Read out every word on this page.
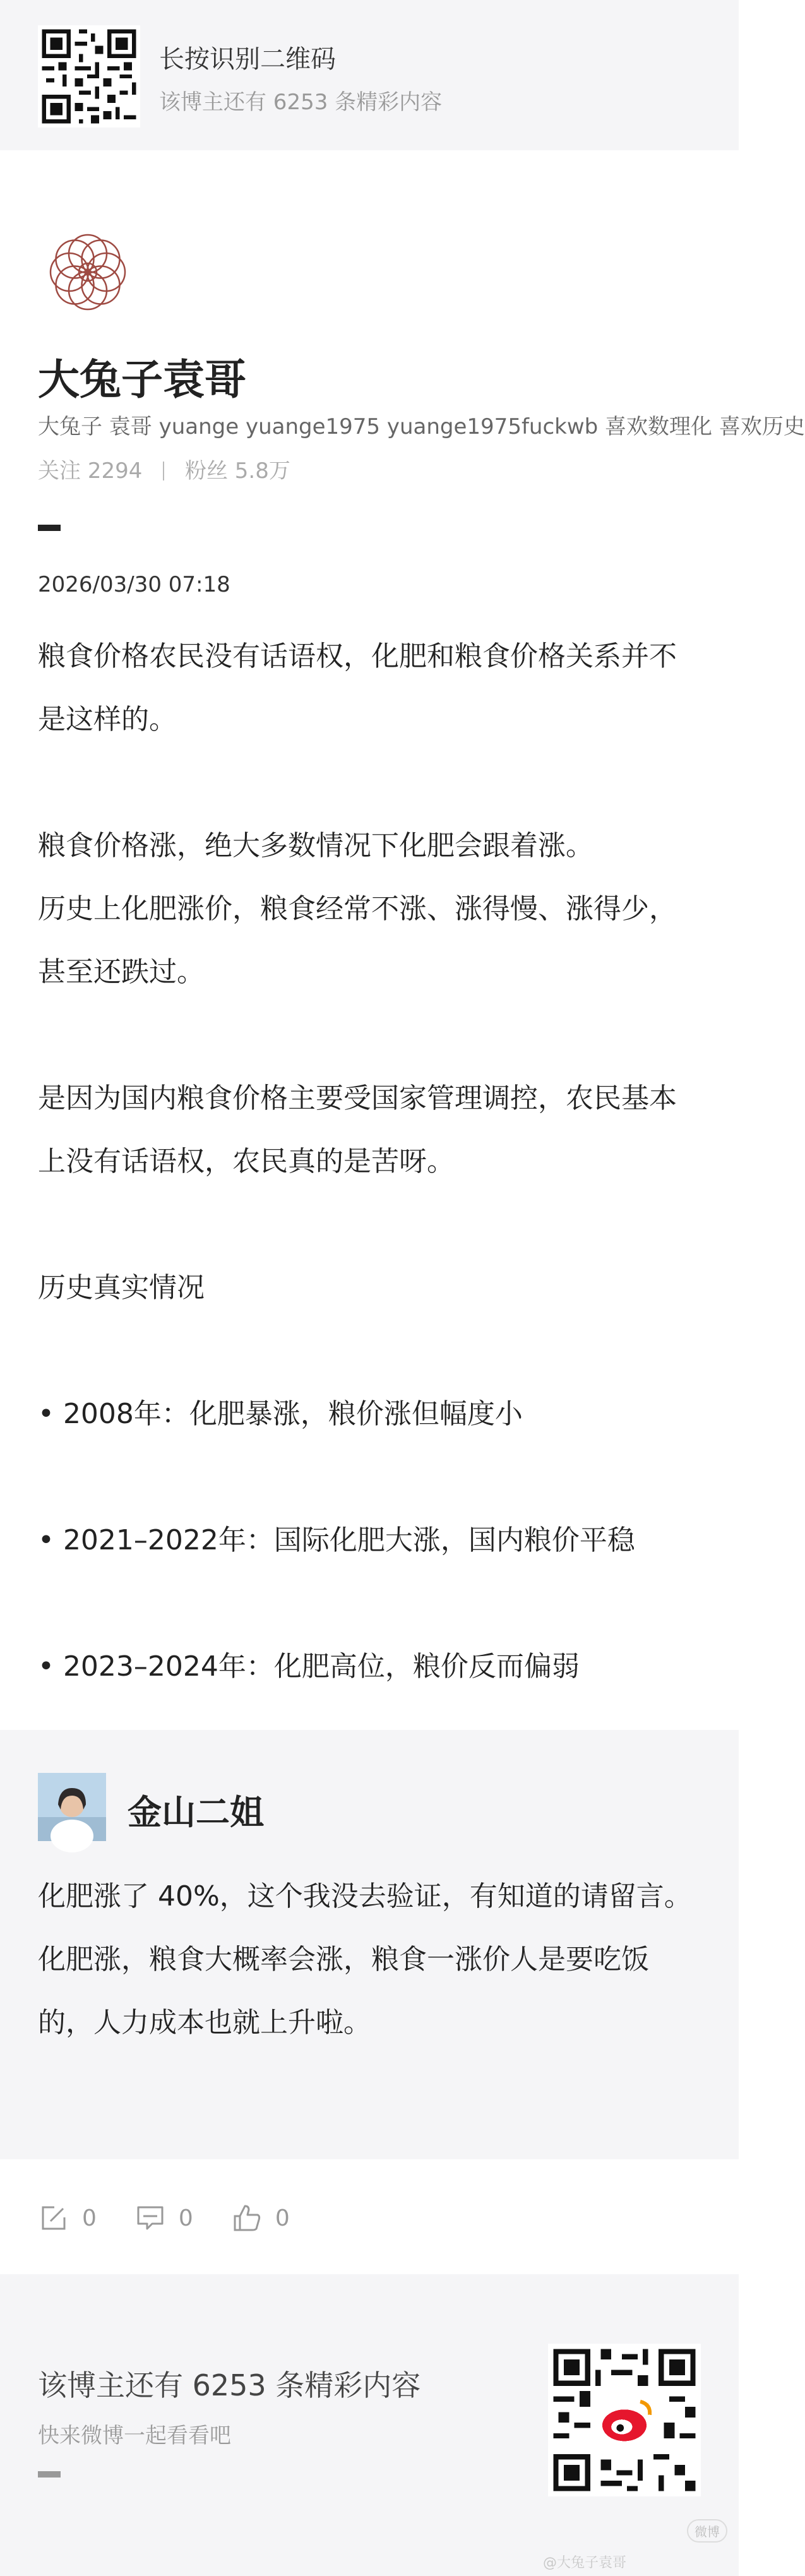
长按识别二维码
该博主还有 6253 条精彩内容
大兔子袁哥
大兔子 袁哥 yuange yuange1975 yuange1975fuckwb 喜欢数理化 喜欢历史
关注 2294 粉丝 5.8万
2026/03/30 07:18

粮食价格农民没有话语权，化肥和粮食价格关系并不是这样的。

粮食价格涨，绝大多数情况下化肥会跟着涨。

历史上化肥涨价，粮食经常不涨、涨得慢、涨得少，甚至还跌过。

是因为国内粮食价格主要受国家管理调控，农民基本上没有话语权，农民真的是苦呀。

历史真实情况

• 2008年：化肥暴涨，粮价涨但幅度小

• 2021–2022年：国际化肥大涨，国内粮价平稳

• 2023–2024年：化肥高位，粮价反而偏弱

金山二姐

化肥涨了 40%，这个我没去验证，有知道的请留言。

化肥涨，粮食大概率会涨，粮食一涨价人是要吃饭的，人力成本也就上升啦。

0	0	0
该博主还有 6253 条精彩内容
快来微博一起看看吧
微博
@大兔子袁哥
